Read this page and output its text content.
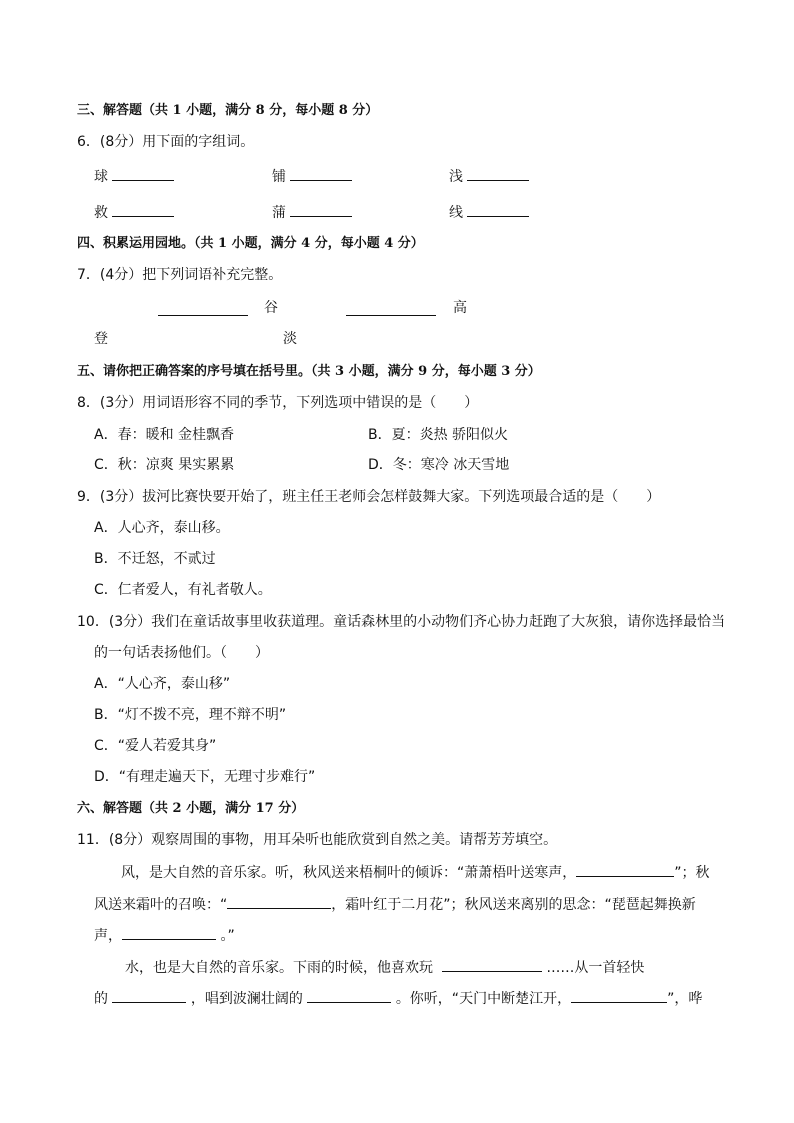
三、解答题（共 1 小题，满分 8 分，每小题 8 分）
6．(8分）用下面的字组词。
球	铺	浅
救	蒲	线
四、积累运用园地。（共 1 小题，满分 4 分，每小题 4 分）
7．(4分）把下列词语补充完整。
谷	高
登	淡
五、请你把正确答案的序号填在括号里。（共 3 小题，满分 9 分，每小题 3 分）
8．(3分）用词语形容不同的季节，下列选项中错误的是（　　）
A．春：暖和 金桂飘香	B．夏：炎热 骄阳似火
C．秋：凉爽 果实累累	D．冬：寒冷 冰天雪地
9．(3分）拔河比赛快要开始了，班主任王老师会怎样鼓舞大家。下列选项最合适的是（　　）
A．人心齐，泰山移。
B．不迁怒，不贰过
C．仁者爱人，有礼者敬人。
10．(3分）我们在童话故事里收获道理。童话森林里的小动物们齐心协力赶跑了大灰狼，请你选择最恰当
的一句话表扬他们。（　　）
A．“人心齐，泰山移”
B．“灯不拨不亮，理不辩不明”
C．“爱人若爱其身”
D．“有理走遍天下，无理寸步难行”
六、解答题（共 2 小题，满分 17 分）
11．(8分）观察周围的事物，用耳朵听也能欣赏到自然之美。请帮芳芳填空。
风，是大自然的音乐家。听，秋风送来梧桐叶的倾诉：“萧萧梧叶送寒声，	”；秋
风送来霜叶的召唤：“	，霜叶红于二月花”；秋风送来离别的思念：“琵琶起舞换新
声，	。”
水，也是大自然的音乐家。下雨的时候，他喜欢玩	……从一首轻快
的	，唱到波澜壮阔的	。你听，“天门中断楚江开，	”，哗
